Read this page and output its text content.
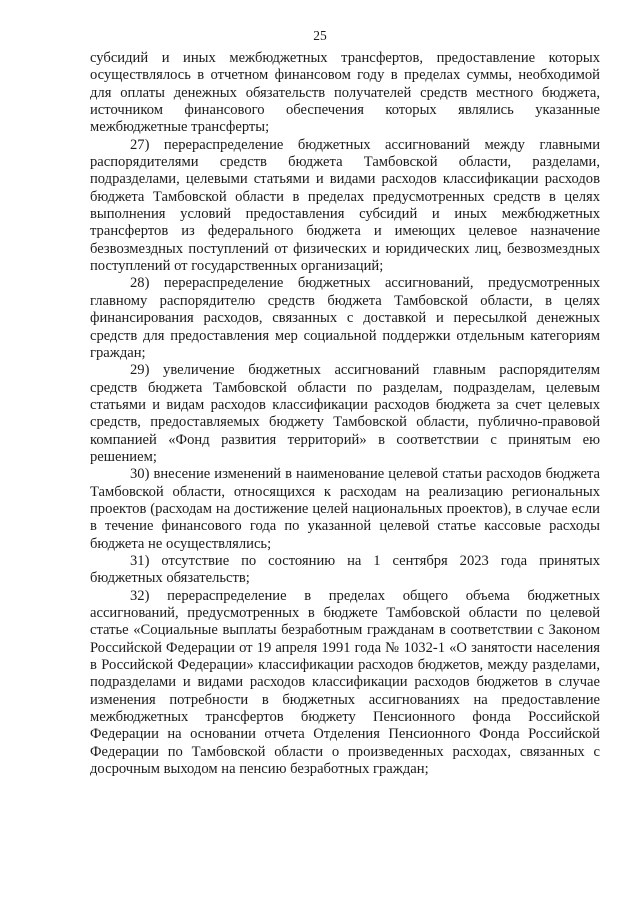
25

субсидий и иных межбюджетных трансфертов, предоставление которых осуществлялось в отчетном финансовом году в пределах суммы, необходимой для оплаты денежных обязательств получателей средств местного бюджета, источником финансового обеспечения которых являлись указанные межбюджетные трансферты;

27) перераспределение бюджетных ассигнований между главными распорядителями средств бюджета Тамбовской области, разделами, подразделами, целевыми статьями и видами расходов классификации расходов бюджета Тамбовской области в пределах предусмотренных средств в целях выполнения условий предоставления субсидий и иных межбюджетных трансфертов из федерального бюджета и имеющих целевое назначение безвозмездных поступлений от физических и юридических лиц, безвозмездных поступлений от государственных организаций;

28) перераспределение бюджетных ассигнований, предусмотренных главному распорядителю средств бюджета Тамбовской области, в целях финансирования расходов, связанных с доставкой и пересылкой денежных средств для предоставления мер социальной поддержки отдельным категориям граждан;

29) увеличение бюджетных ассигнований главным распорядителям средств бюджета Тамбовской области по разделам, подразделам, целевым статьями и видам расходов классификации расходов бюджета за счет целевых средств, предоставляемых бюджету Тамбовской области, публично-правовой компанией «Фонд развития территорий» в соответствии с принятым ею решением;

30) внесение изменений в наименование целевой статьи расходов бюджета Тамбовской области, относящихся к расходам на реализацию региональных проектов (расходам на достижение целей национальных проектов), в случае если в течение финансового года по указанной целевой статье кассовые расходы бюджета не осуществлялись;

31) отсутствие по состоянию на 1 сентября 2023 года принятых бюджетных обязательств;

32) перераспределение в пределах общего объема бюджетных ассигнований, предусмотренных в бюджете Тамбовской области по целевой статье «Социальные выплаты безработным гражданам в соответствии с Законом Российской Федерации от 19 апреля 1991 года № 1032-1 «О занятости населения в Российской Федерации» классификации расходов бюджетов, между разделами, подразделами и видами расходов классификации расходов бюджетов в случае изменения потребности в бюджетных ассигнованиях на предоставление межбюджетных трансфертов бюджету Пенсионного фонда Российской Федерации на основании отчета Отделения Пенсионного Фонда Российской Федерации по Тамбовской области о произведенных расходах, связанных с досрочным выходом на пенсию безработных граждан;
